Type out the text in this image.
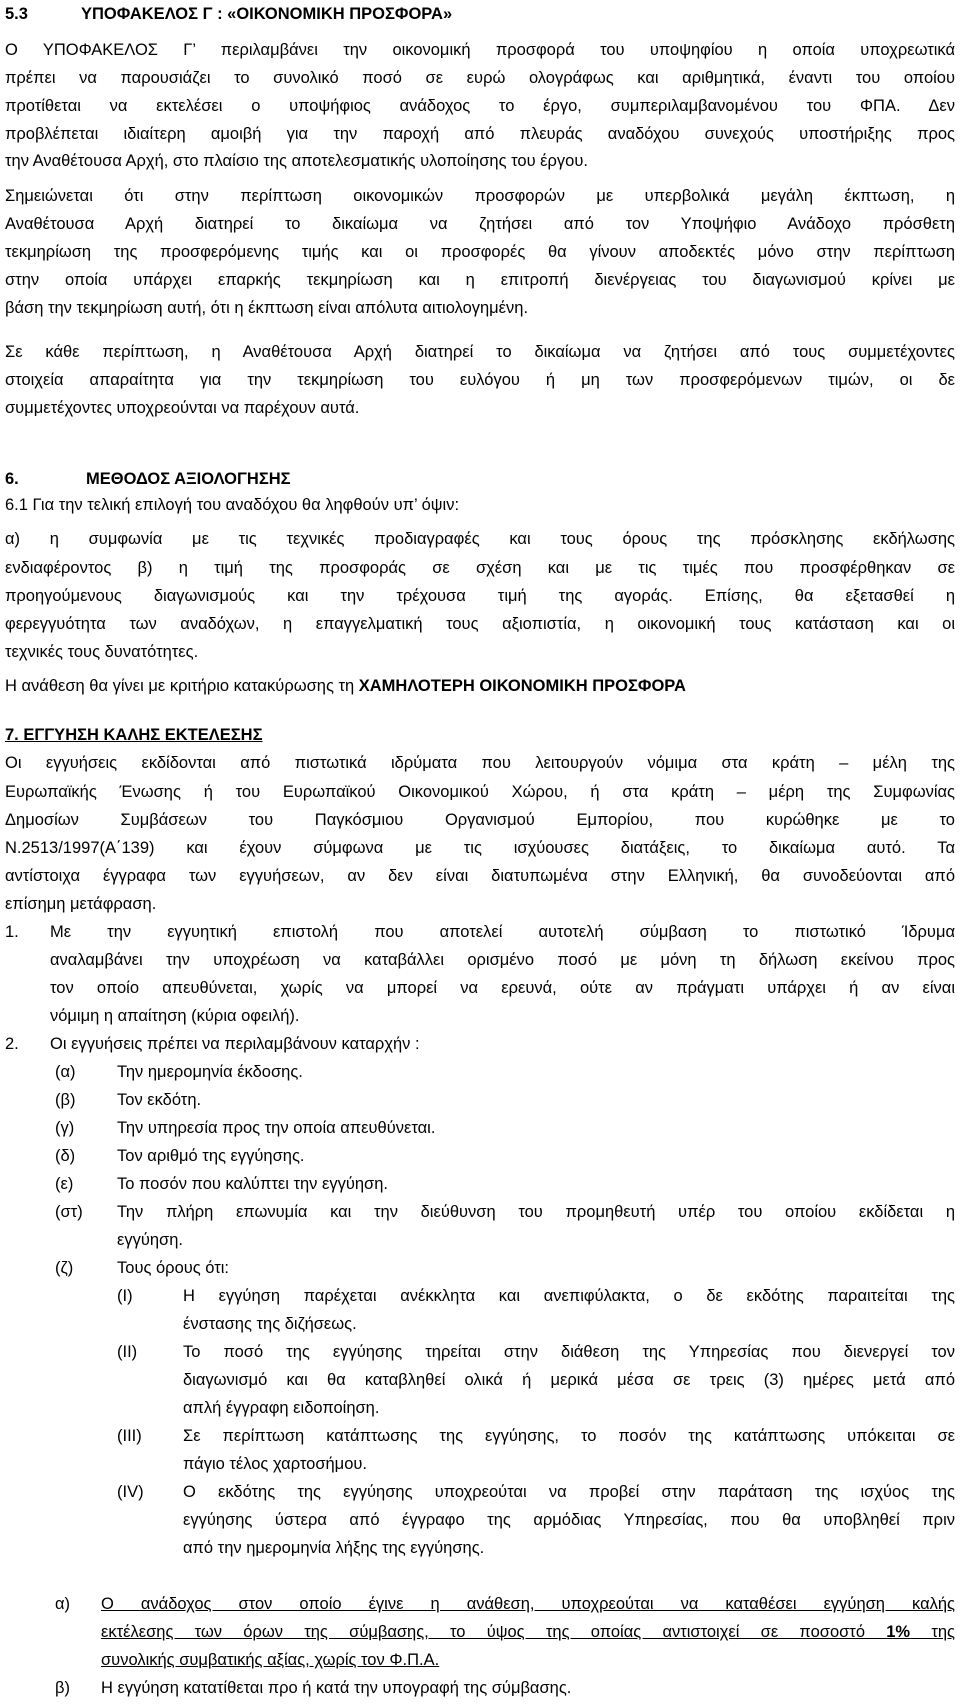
5.3	ΥΠΟΦΑΚΕΛΟΣ Γ : «ΟΙΚΟΝΟΜΙΚΗ ΠΡΟΣΦΟΡΑ»
Ο ΥΠΟΦΑΚΕΛΟΣ Γ’ περιλαμβάνει την οικονομική προσφορά του υποψηφίου η οποία υποχρεωτικά
πρέπει να παρουσιάζει το συνολικό ποσό σε ευρώ ολογράφως και αριθμητικά, έναντι του οποίου
προτίθεται να εκτελέσει ο υποψήφιος ανάδοχος το έργο, συμπεριλαμβανομένου του ΦΠΑ. Δεν
προβλέπεται ιδιαίτερη αμοιβή για την παροχή από πλευράς αναδόχου συνεχούς υποστήριξης προς
την Αναθέτουσα Αρχή, στο πλαίσιο της αποτελεσματικής υλοποίησης του έργου.
Σημειώνεται ότι στην περίπτωση οικονομικών προσφορών με υπερβολικά μεγάλη έκπτωση, η
Αναθέτουσα Αρχή διατηρεί το δικαίωμα να ζητήσει από τον Υποψήφιο Ανάδοχο πρόσθετη
τεκμηρίωση της προσφερόμενης τιμής και οι προσφορές θα γίνουν αποδεκτές μόνο στην περίπτωση
στην οποία υπάρχει επαρκής τεκμηρίωση και η επιτροπή διενέργειας του διαγωνισμού κρίνει με
βάση την τεκμηρίωση αυτή, ότι η έκπτωση είναι απόλυτα αιτιολογημένη.
Σε κάθε περίπτωση, η Αναθέτουσα Αρχή διατηρεί το δικαίωμα να ζητήσει από τους συμμετέχοντες
στοιχεία απαραίτητα για την τεκμηρίωση του ευλόγου ή μη των προσφερόμενων τιμών, οι δε
συμμετέχοντες υποχρεούνται να παρέχουν αυτά.
6.	ΜΕΘΟΔΟΣ ΑΞΙΟΛΟΓΗΣΗΣ
6.1 Για την τελική επιλογή του αναδόχου θα ληφθούν υπ’ όψιν:
α) η συμφωνία με τις τεχνικές προδιαγραφές και τους όρους της πρόσκλησης εκδήλωσης
ενδιαφέροντος β) η τιμή της προσφοράς σε σχέση και με τις τιμές που προσφέρθηκαν σε
προηγούμενους διαγωνισμούς και την τρέχουσα τιμή της αγοράς. Επίσης, θα εξετασθεί η
φερεγγυότητα των αναδόχων, η επαγγελματική τους αξιοπιστία, η οικονομική τους κατάσταση και οι
τεχνικές τους δυνατότητες.
Η ανάθεση θα γίνει με κριτήριο κατακύρωσης τη ΧΑΜΗΛΟΤΕΡΗ ΟΙΚΟΝΟΜΙΚΗ ΠΡΟΣΦΟΡΑ
7. ΕΓΓΥΗΣΗ ΚΑΛΗΣ ΕΚΤΕΛΕΣΗΣ
Οι εγγυήσεις εκδίδονται από πιστωτικά ιδρύματα που λειτουργούν νόμιμα στα κράτη – μέλη της
Ευρωπαϊκής Ένωσης ή του Ευρωπαϊκού Οικονομικού Χώρου, ή στα κράτη – μέρη της Συμφωνίας
Δημοσίων Συμβάσεων του Παγκόσμιου Οργανισμού Εμπορίου, που κυρώθηκε με το
Ν.2513/1997(Α΄139) και έχουν σύμφωνα με τις ισχύουσες διατάξεις, το δικαίωμα αυτό. Τα
αντίστοιχα έγγραφα των εγγυήσεων, αν δεν είναι διατυπωμένα στην Ελληνική, θα συνοδεύονται από
επίσημη μετάφραση.
1. Με την εγγυητική επιστολή που αποτελεί αυτοτελή σύμβαση το πιστωτικό Ίδρυμα
αναλαμβάνει την υποχρέωση να καταβάλλει ορισμένο ποσό με μόνη τη δήλωση εκείνου προς
τον οποίο απευθύνεται, χωρίς να μπορεί να ερευνά, ούτε αν πράγματι υπάρχει ή αν είναι
νόμιμη η απαίτηση (κύρια οφειλή).
2. Οι εγγυήσεις πρέπει να περιλαμβάνουν καταρχήν :
(α)	Την ημερομηνία έκδοσης.
(β)	Τον εκδότη.
(γ)	Την υπηρεσία προς την οποία απευθύνεται.
(δ)	Τον αριθμό της εγγύησης.
(ε)	Το ποσόν που καλύπτει την εγγύηση.
(στ) Την πλήρη επωνυμία και την διεύθυνση του προμηθευτή υπέρ του οποίου εκδίδεται η
εγγύηση.
(ζ)	Τους όρους ότι:
(I)	Η εγγύηση παρέχεται ανέκκλητα και ανεπιφύλακτα, ο δε εκδότης παραιτείται της
ένστασης της διζήσεως.
(II)	Το ποσό της εγγύησης τηρείται στην διάθεση της Υπηρεσίας που διενεργεί τον
διαγωνισμό και θα καταβληθεί ολικά ή μερικά μέσα σε τρεις (3) ημέρες μετά από
απλή έγγραφη ειδοποίηση.
(III)	Σε περίπτωση κατάπτωσης της εγγύησης, το ποσόν της κατάπτωσης υπόκειται σε
πάγιο τέλος χαρτοσήμου.
(IV) Ο εκδότης της εγγύησης υποχρεούται να προβεί στην παράταση της ισχύος της
εγγύησης ύστερα από έγγραφο της αρμόδιας Υπηρεσίας, που θα υποβληθεί πριν
από την ημερομηνία λήξης της εγγύησης.
α) Ο ανάδοχος στον οποίο έγινε η ανάθεση, υποχρεούται να καταθέσει εγγύηση καλής
εκτέλεσης των όρων της σύμβασης, το ύψος της οποίας αντιστοιχεί σε ποσοστό 1% της
συνολικής συμβατικής αξίας, χωρίς τον Φ.Π.Α.
β) Η εγγύηση κατατίθεται προ ή κατά την υπογραφή της σύμβασης.
